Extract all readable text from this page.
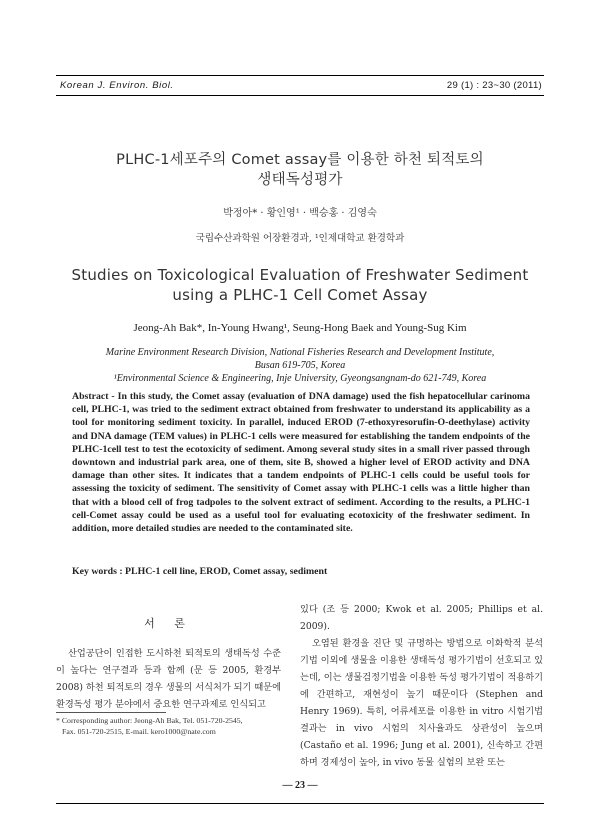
Korean J. Environ. Biol.	29 (1) : 23~30 (2011)
PLHC-1세포주의 Comet assay를 이용한 하천 퇴적토의
생태독성평가
박정아* · 황인영¹ · 백승홍 · 김영숙
국립수산과학원 어장환경과, ¹인제대학교 환경학과
Studies on Toxicological Evaluation of Freshwater Sediment
using a PLHC-1 Cell Comet Assay
Jeong-Ah Bak*, In-Young Hwang¹, Seung-Hong Baek and Young-Sug Kim
Marine Environment Research Division, National Fisheries Research and Development Institute,
Busan 619-705, Korea
¹Environmental Science & Engineering, Inje University, Gyeongsangnam-do 621-749, Korea
Abstract - In this study, the Comet assay (evaluation of DNA damage) used the fish hepatocellular carinoma cell, PLHC-1, was tried to the sediment extract obtained from freshwater to understand its applicability as a tool for monitoring sediment toxicity. In parallel, induced EROD (7-ethoxyresorufin-O-deethylase) activity and DNA damage (TEM values) in PLHC-1 cells were measured for establishing the tandem endpoints of the PLHC-1cell test to test the ecotoxicity of sediment. Among several study sites in a small river passed through downtown and industrial park area, one of them, site B, showed a higher level of EROD activity and DNA damage than other sites. It indicates that a tandem endpoints of PLHC-1 cells could be useful tools for assessing the toxicity of sediment. The sensitivity of Comet assay with PLHC-1 cells was a little higher than that with a blood cell of frog tadpoles to the solvent extract of sediment. According to the results, a PLHC-1 cell-Comet assay could be used as a useful tool for evaluating ecotoxicity of the freshwater sediment. In addition, more detailed studies are needed to the contaminated site.
Key words : PLHC-1 cell line, EROD, Comet assay, sediment
서 론

산업공단이 인접한 도시하천 퇴적토의 생태독성 수준이 높다는 연구결과 등과 함께 (문 등 2005, 환경부 2008) 하천 퇴적토의 경우 생물의 서식처가 되기 때문에 환경독성 평가 분야에서 중요한 연구과제로 인식되고

있다 (조 등 2000; Kwok et al. 2005; Phillips et al. 2009).

오염된 환경을 진단 및 규명하는 방법으로 이화학적 분석기법 이외에 생물을 이용한 생태독성 평가기법이 선호되고 있는데, 이는 생물검정기법을 이용한 독성 평가기법이 적용하기에 간편하고, 재현성이 높기 때문이다 (Stephen and Henry 1969). 특히, 어류세포를 이용한 in vitro 시험기법 결과는 in vivo 시험의 치사율과도 상관성이 높으며 (Castaño et al. 1996; Jung et al. 2001), 신속하고 간편하며 경제성이 높아, in vivo 동물 실험의 보완 또는

* Corresponding author: Jeong-Ah Bak, Tel. 051-720-2545,
Fax. 051-720-2515, E-mail. kero1000@nate.com
— 23 —
